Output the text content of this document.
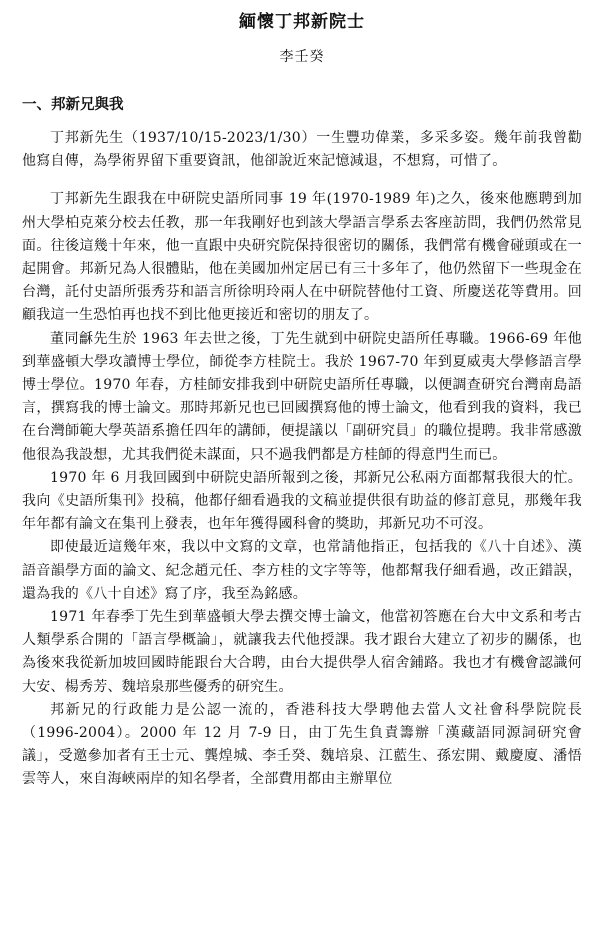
緬懷丁邦新院士
李壬癸
一、邦新兄與我

丁邦新先生（1937/10/15-2023/1/30）一生豐功偉業，多采多姿。幾年前我曾勸他寫自傳，為學術界留下重要資訊，他卻說近來記憶減退，不想寫，可惜了。

丁邦新先生跟我在中研院史語所同事 19 年(1970-1989 年)之久，後來他應聘到加州大學柏克萊分校去任教，那一年我剛好也到該大學語言學系去客座訪問，我們仍然常見面。往後這幾十年來，他一直跟中央研究院保持很密切的關係，我們常有機會碰頭或在一起開會。邦新兄為人很體貼，他在美國加州定居已有三十多年了，他仍然留下一些現金在台灣，託付史語所張秀芬和語言所徐明玲兩人在中研院替他付工資、所慶送花等費用。回顧我這一生恐怕再也找不到比他更接近和密切的朋友了。

董同龢先生於 1963 年去世之後，丁先生就到中研院史語所任專職。1966-69 年他到華盛頓大學攻讀博士學位，師從李方桂院士。我於 1967-70 年到夏威夷大學修語言學博士學位。1970 年春，方桂師安排我到中研院史語所任專職，以便調查研究台灣南島語言，撰寫我的博士論文。那時邦新兄也已回國撰寫他的博士論文，他看到我的資料，我已在台灣師範大學英語系擔任四年的講師，便提議以「副研究員」的職位提聘。我非常感激他很為我設想，尤其我們從未謀面，只不過我們都是方桂師的得意門生而已。

1970 年 6 月我回國到中研院史語所報到之後，邦新兄公私兩方面都幫我很大的忙。我向《史語所集刊》投稿，他都仔細看過我的文稿並提供很有助益的修訂意見，那幾年我年年都有論文在集刊上發表，也年年獲得國科會的獎助，邦新兄功不可沒。

即使最近這幾年來，我以中文寫的文章，也常請他指正，包括我的《八十自述》、漢語音韻學方面的論文、紀念趙元任、李方桂的文字等等，他都幫我仔細看過，改正錯誤，還為我的《八十自述》寫了序，我至為銘感。

1971 年春季丁先生到華盛頓大學去撰交博士論文，他當初答應在台大中文系和考古人類學系合開的「語言學概論」，就讓我去代他授課。我才跟台大建立了初步的關係，也為後來我從新加坡回國時能跟台大合聘，由台大提供學人宿舍鋪路。我也才有機會認識何大安、楊秀芳、魏培泉那些優秀的研究生。

邦新兄的行政能力是公認一流的，香港科技大學聘他去當人文社會科學院院長（1996-2004）。2000 年 12 月 7-9 日，由丁先生負責籌辦「漢藏語同源詞研究會議」，受邀參加者有王士元、龔煌城、李壬癸、魏培泉、江藍生、孫宏開、戴慶廈、潘悟雲等人，來自海峽兩岸的知名學者，全部費用都由主辦單位
